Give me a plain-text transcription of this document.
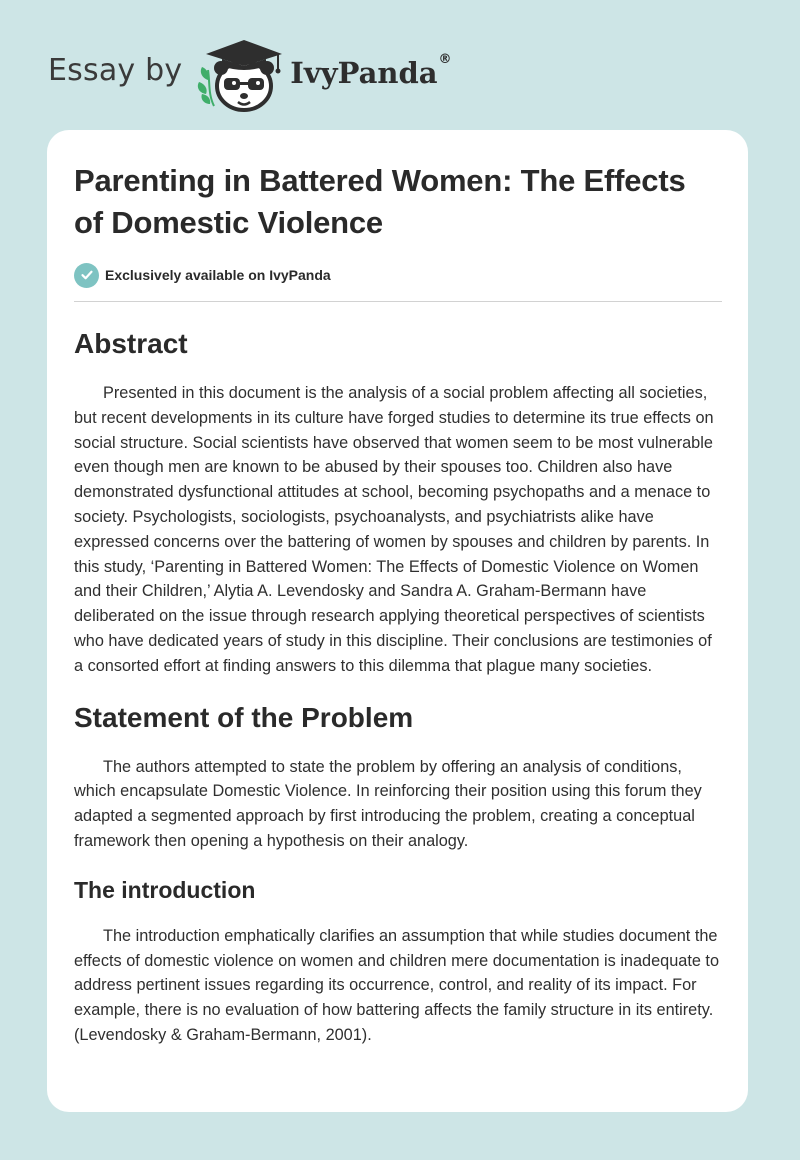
Essay by	IvyPanda®
Parenting in Battered Women: The Effects of Domestic Violence
Exclusively available on IvyPanda
Abstract

Presented in this document is the analysis of a social problem affecting all societies, but recent developments in its culture have forged studies to determine its true effects on social structure. Social scientists have observed that women seem to be most vulnerable even though men are known to be abused by their spouses too. Children also have demonstrated dysfunctional attitudes at school, becoming psychopaths and a menace to society. Psychologists, sociologists, psychoanalysts, and psychiatrists alike have expressed concerns over the battering of women by spouses and children by parents. In this study, ‘Parenting in Battered Women: The Effects of Domestic Violence on Women and their Children,’ Alytia A. Levendosky and Sandra A. Graham-Bermann have deliberated on the issue through research applying theoretical perspectives of scientists who have dedicated years of study in this discipline. Their conclusions are testimonies of a consorted effort at finding answers to this dilemma that plague many societies.

Statement of the Problem

The authors attempted to state the problem by offering an analysis of conditions, which encapsulate Domestic Violence. In reinforcing their position using this forum they adapted a segmented approach by first introducing the problem, creating a conceptual framework then opening a hypothesis on their analogy.

The introduction

The introduction emphatically clarifies an assumption that while studies document the effects of domestic violence on women and children mere documentation is inadequate to address pertinent issues regarding its occurrence, control, and reality of its impact. For example, there is no evaluation of how battering affects the family structure in its entirety. (Levendosky & Graham-Bermann, 2001).
